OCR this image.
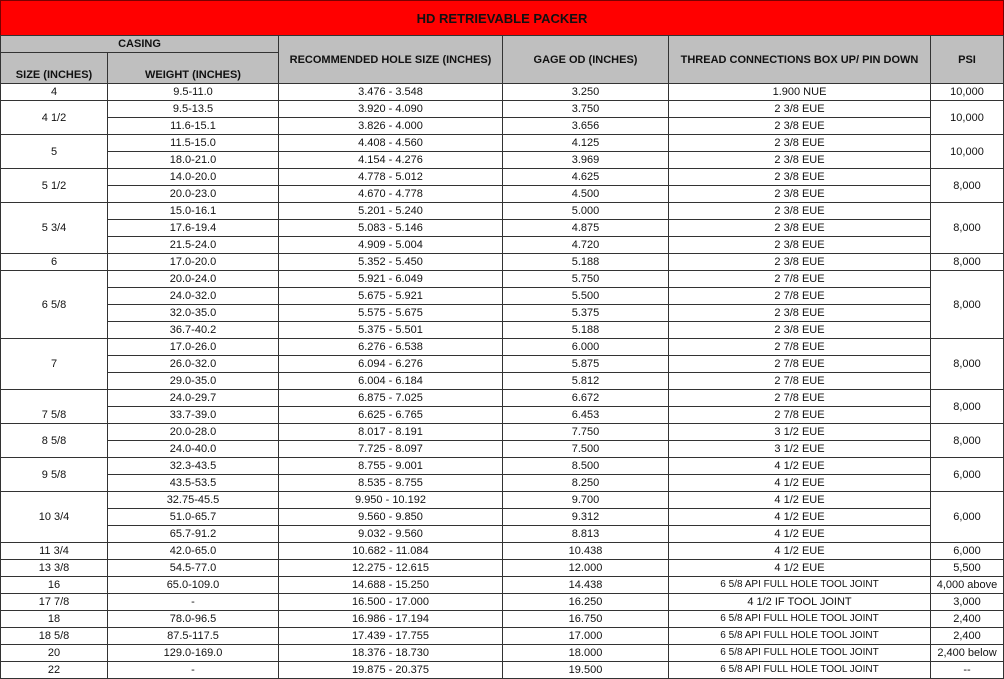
HD RETRIEVABLE PACKER
CASING		RECOMMENDED HOLE SIZE (INCHES)	GAGE OD (INCHES)	THREAD CONNECTIONS BOX UP/ PIN DOWN	PSI
SIZE (INCHES)	WEIGHT (INCHES)				
4	9.5-11.0	3.476 - 3.548	3.250	1.900 NUE	10,000
4 1/2	9.5-13.5	3.920 - 4.090	3.750	2 3/8 EUE	10,000
	11.6-15.1	3.826 - 4.000	3.656	2 3/8 EUE	
5	11.5-15.0	4.408 - 4.560	4.125	2 3/8 EUE	10,000
	18.0-21.0	4.154 - 4.276	3.969	2 3/8 EUE	
5 1/2	14.0-20.0	4.778 - 5.012	4.625	2 3/8 EUE	8,000
	20.0-23.0	4.670 - 4.778	4.500	2 3/8 EUE	
5 3/4	15.0-16.1	5.201 - 5.240	5.000	2 3/8 EUE	8,000
	17.6-19.4	5.083 - 5.146	4.875	2 3/8 EUE	
	21.5-24.0	4.909 - 5.004	4.720	2 3/8 EUE	
6	17.0-20.0	5.352 - 5.450	5.188	2 3/8 EUE	8,000
6 5/8	20.0-24.0	5.921 - 6.049	5.750	2 7/8 EUE	8,000
	24.0-32.0	5.675 - 5.921	5.500	2 7/8 EUE	
	32.0-35.0	5.575 - 5.675	5.375	2 3/8 EUE	
	36.7-40.2	5.375 - 5.501	5.188	2 3/8 EUE	
7	17.0-26.0	6.276 - 6.538	6.000	2 7/8 EUE	8,000
	26.0-32.0	6.094 - 6.276	5.875	2 7/8 EUE	
	29.0-35.0	6.004 - 6.184	5.812	2 7/8 EUE	
7 5/8	24.0-29.7	6.875 - 7.025	6.672	2 7/8 EUE	8,000
	33.7-39.0	6.625 - 6.765	6.453	2 7/8 EUE	
8 5/8	20.0-28.0	8.017 - 8.191	7.750	3 1/2 EUE	8,000
	24.0-40.0	7.725 - 8.097	7.500	3 1/2 EUE	
9 5/8	32.3-43.5	8.755 - 9.001	8.500	4 1/2 EUE	6,000
	43.5-53.5	8.535 - 8.755	8.250	4 1/2 EUE	
10 3/4	32.75-45.5	9.950 - 10.192	9.700	4 1/2 EUE	6,000
	51.0-65.7	9.560 - 9.850	9.312	4 1/2 EUE	
	65.7-91.2	9.032 - 9.560	8.813	4 1/2 EUE	
11 3/4	42.0-65.0	10.682 - 11.084	10.438	4 1/2 EUE	6,000
13 3/8	54.5-77.0	12.275 - 12.615	12.000	4 1/2 EUE	5,500
16	65.0-109.0	14.688 - 15.250	14.438	6 5/8 API FULL HOLE TOOL JOINT	4,000 above
17 7/8	-	16.500 - 17.000	16.250	4 1/2 IF TOOL JOINT	3,000
18	78.0-96.5	16.986 - 17.194	16.750	6 5/8 API FULL HOLE TOOL JOINT	2,400
18 5/8	87.5-117.5	17.439 - 17.755	17.000	6 5/8 API FULL HOLE TOOL JOINT	2,400
20	129.0-169.0	18.376 - 18.730	18.000	6 5/8 API FULL HOLE TOOL JOINT	2,400 below
22	-	19.875 - 20.375	19.500	6 5/8 API FULL HOLE TOOL JOINT	--
